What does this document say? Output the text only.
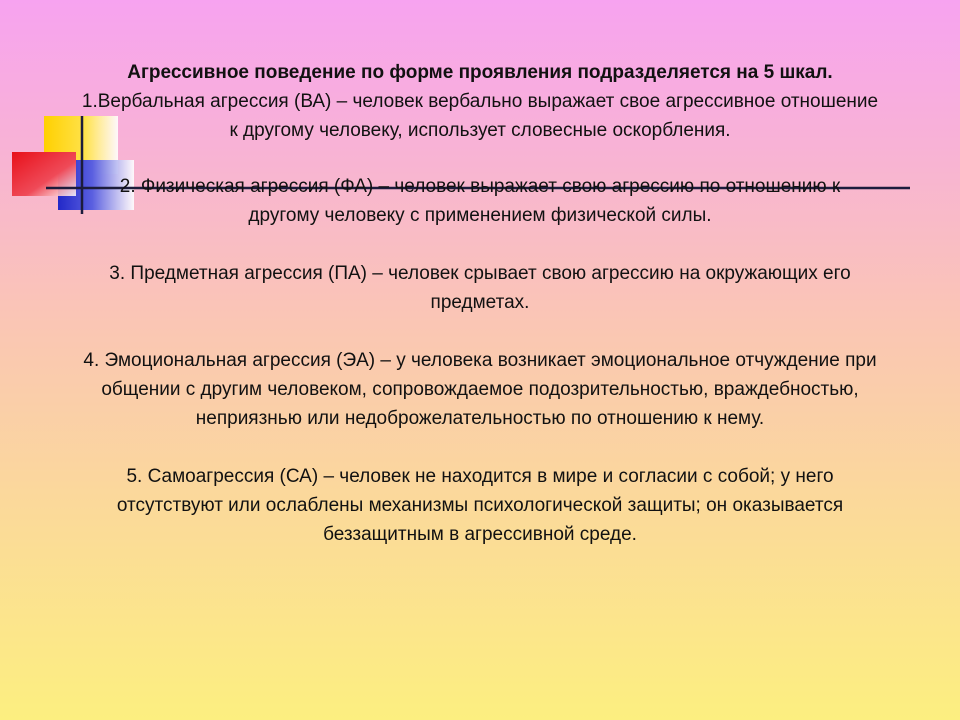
Агрессивное поведение по форме проявления подразделяется на 5 шкал.

1.Вербальная агрессия (ВА) – человек вербально выражает свое агрессивное отношение
к другому человеку, использует словесные оскорбления.

2. Физическая агрессия (ФА) – человек выражает свою агрессию по отношению к
другому человеку с применением физической силы.

3. Предметная агрессия (ПА) – человек срывает свою агрессию на окружающих его
предметах.

4. Эмоциональная агрессия (ЭА) – у человека возникает эмоциональное отчуждение при
общении с другим человеком, сопровождаемое подозрительностью, враждебностью,
неприязнью или недоброжелательностью по отношению к нему.

5. Самоагрессия (СА) – человек не находится в мире и согласии с собой; у него
отсутствуют или ослаблены механизмы психологической защиты; он оказывается
беззащитным в агрессивной среде.
